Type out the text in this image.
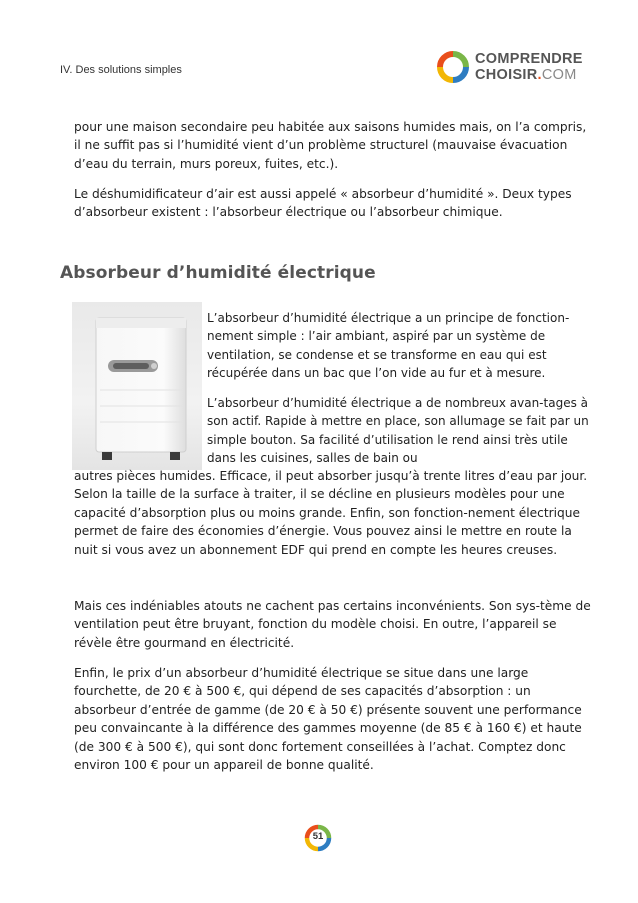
IV. Des solutions simples
COMPRENDRE
CHOISIR.COM

pour une maison secondaire peu habitée aux saisons humides mais, on l’a compris, il ne suffit pas si l’humidité vient d’un problème structurel (mauvaise évacuation d’eau du terrain, murs poreux, fuites, etc.).

Le déshumidificateur d’air est aussi appelé « absorbeur d’humidité ». Deux types d’absorbeur existent : l’absorbeur électrique ou l’absorbeur chimique.

Absorbeur d’humidité électrique

L’absorbeur d’humidité électrique a un principe de fonction-nement simple : l’air ambiant, aspiré par un système de ventilation, se condense et se transforme en eau qui est récupérée dans un bac que l’on vide au fur et à mesure.

L’absorbeur d’humidité électrique a de nombreux avan-tages à son actif. Rapide à mettre en place, son allumage se fait par un simple bouton. Sa facilité d’utilisation le rend ainsi très utile dans les cuisines, salles de bain ou

autres pièces humides. Efficace, il peut absorber jusqu’à trente litres d’eau par jour. Selon la taille de la surface à traiter, il se décline en plusieurs modèles pour une capacité d’absorption plus ou moins grande. Enfin, son fonction-nement électrique permet de faire des économies d’énergie. Vous pouvez ainsi le mettre en route la nuit si vous avez un abonnement EDF qui prend en compte les heures creuses.

Mais ces indéniables atouts ne cachent pas certains inconvénients. Son sys-tème de ventilation peut être bruyant, fonction du modèle choisi. En outre, l’appareil se révèle être gourmand en électricité.

Enfin, le prix d’un absorbeur d’humidité électrique se situe dans une large fourchette, de 20 € à 500 €, qui dépend de ses capacités d’absorption : un absorbeur d’entrée de gamme (de 20 € à 50 €) présente souvent une performance peu convaincante à la différence des gammes moyenne (de 85 € à 160 €) et haute (de 300 € à 500 €), qui sont donc fortement conseillées à l’achat. Comptez donc environ 100 € pour un appareil de bonne qualité.

51
